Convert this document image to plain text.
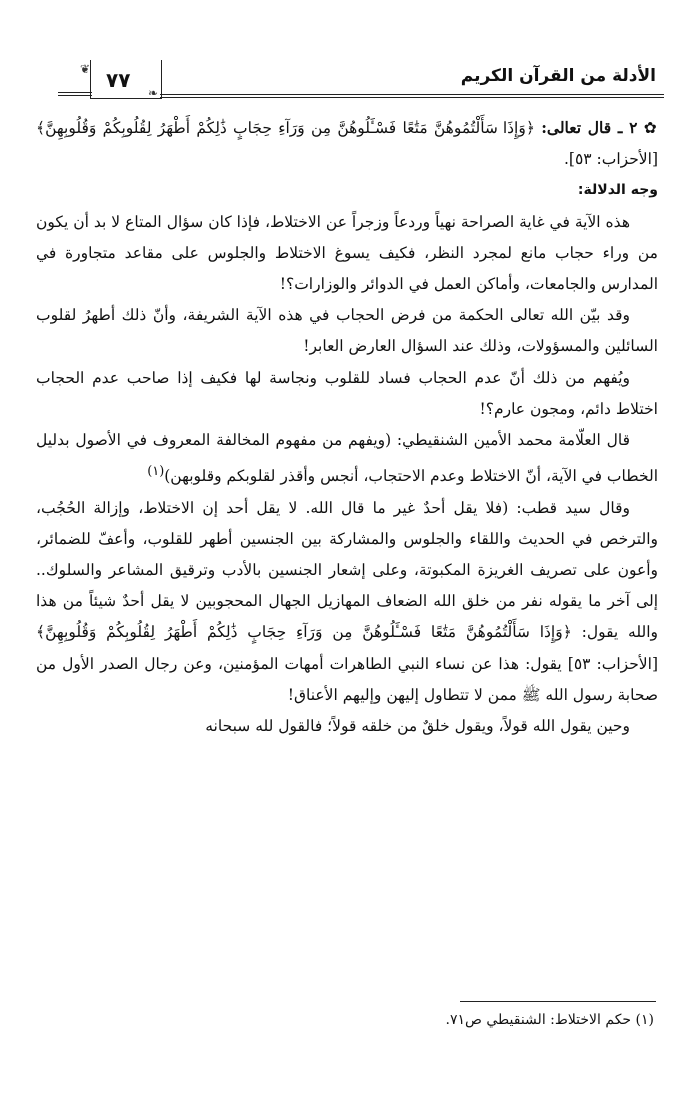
الأدلة من القرآن الكريم
٧٧
❦
❧

✿ ٢ ـ قال تعالى: ﴿وَإِذَا سَأَلْتُمُوهُنَّ مَتَٰعًا فَسْـَٔلُوهُنَّ مِن وَرَآءِ حِجَابٍ ذَٰلِكُمْ أَطْهَرُ لِقُلُوبِكُمْ وَقُلُوبِهِنَّ﴾ [الأحزاب: ٥٣].

وجه الدلالة:

هذه الآية في غاية الصراحة نهياً وردعاً وزجراً عن الاختلاط، فإذا كان سؤال المتاع لا بد أن يكون من وراء حجاب مانع لمجرد النظر، فكيف يسوغ الاختلاط والجلوس على مقاعد متجاورة في المدارس والجامعات، وأماكن العمل في الدوائر والوزارات؟!

وقد بيّن الله تعالى الحكمة من فرض الحجاب في هذه الآية الشريفة، وأنّ ذلك أطهرُ لقلوب السائلين والمسؤولات، وذلك عند السؤال العارض العابر!

ويُفهم من ذلك أنّ عدم الحجاب فساد للقلوب ونجاسة لها فكيف إذا صاحب عدم الحجاب اختلاط دائم، ومجون عارم؟!

قال العلّامة محمد الأمين الشنقيطي: (ويفهم من مفهوم المخالفة المعروف في الأصول بدليل الخطاب في الآية، أنّ الاختلاط وعدم الاحتجاب، أنجس وأقذر لقلوبكم وقلوبهن)$^{(١)}$

وقال سيد قطب: (فلا يقل أحدٌ غير ما قال الله. لا يقل أحد إن الاختلاط، وإزالة الحُجُب، والترخص في الحديث واللقاء والجلوس والمشاركة بين الجنسين أطهر للقلوب، وأعفّ للضمائر، وأعون على تصريف الغريزة المكبوتة، وعلى إشعار الجنسين بالأدب وترقيق المشاعر والسلوك.. إلى آخر ما يقوله نفر من خلق الله الضعاف المهازيل الجهال المحجوبين لا يقل أحدٌ شيئاً من هذا والله يقول: ﴿وَإِذَا سَأَلْتُمُوهُنَّ مَتَٰعًا فَسْـَٔلُوهُنَّ مِن وَرَآءِ حِجَابٍ ذَٰلِكُمْ أَطْهَرُ لِقُلُوبِكُمْ وَقُلُوبِهِنَّ﴾ [الأحزاب: ٥٣] يقول: هذا عن نساء النبي الطاهرات أمهات المؤمنين، وعن رجال الصدر الأول من صحابة رسول الله ﷺ ممن لا تتطاول إليهن وإليهم الأعناق!

وحين يقول الله قولاً، ويقول خلقٌ من خلقه قولاً؛ فالقول لله سبحانه

(١) حكم الاختلاط: الشنقيطي ص٧١.
